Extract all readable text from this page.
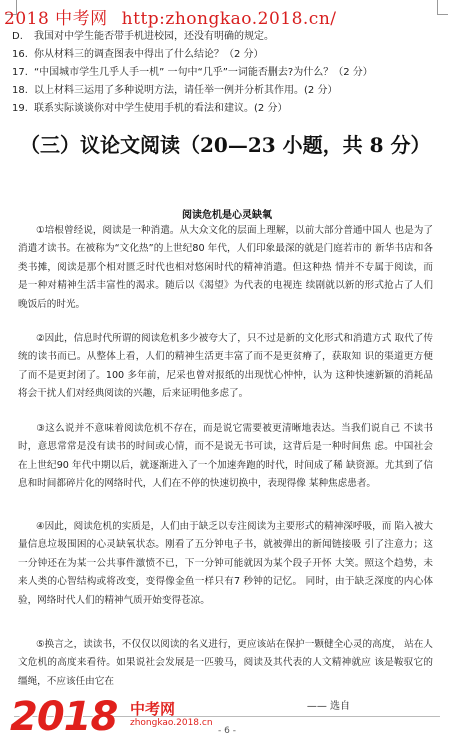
2018 中考网 http:zhongkao.2018.cn/
D. 我国对中学生能否带手机进校园，还没有明确的规定。
16. 你从材料三的调查图表中得出了什么结论？（2 分）
17. “中国城市学生几乎人手一机” 一句中“几乎”一词能否删去?为什么？（2 分）
18. 以上材料三运用了多种说明方法，请任举一例并分析其作用。(2 分）
19. 联系实际谈谈你对中学生使用手机的看法和建议。(2 分）
（三）议论文阅读（20—23 小题，共 8 分）
阅读危机是心灵缺氧
①培根曾经说，阅读是一种消遣。从大众文化的层面上理解，以前大部分普通中国人 也是为了消遣才读书。在被称为“文化热”的上世纪80 年代，人们印象最深的就是门庭若市的 新华书店和各类书摊，阅读是那个相对匮乏时代也相对悠闲时代的精神消遣。但这种热 情并不专属于阅读，而是一种对精神生活丰富性的渴求。随后以《渴望》为代表的电视连 续剧就以新的形式抢占了人们晚饭后的时光。
②因此，信息时代所谓的阅读危机多少被夸大了，只不过是新的文化形式和消遣方式 取代了传统的读书而已。从整体上看，人们的精神生活更丰富了而不是更贫瘠了，获取知 识的渠道更方便了而不是更封闭了。100 多年前，尼采也曾对报纸的出现忧心忡忡，认为 这种快速新颖的消耗品将会干扰人们对经典阅读的兴趣，后来证明他多虑了。
③这么说并不意味着阅读危机不存在，而是说它需要被更清晰地表达。当我们说自己 不读书时，意思常常是没有读书的时间或心情，而不是说无书可读，这背后是一种时间焦 虑。中国社会在上世纪90 年代中期以后，就逐渐进入了一个加速奔跑的时代，时间成了稀 缺资源。尤其到了信息和时间都碎片化的网络时代，人们在不停的快速切换中，表现得像 某种焦虑患者。
④因此，阅读危机的实质是，人们由于缺乏以专注阅读为主要形式的精神深呼吸，而 陷入被大量信息垃圾围困的心灵缺氧状态。刚看了五分钟电子书，就被弹出的新闻链接吸 引了注意力；这一分钟还在为某一公共事件激愤不已，下一分钟可能就因为某个段子开怀 大笑。照这个趋势，未来人类的心智结构或将改变，变得像金鱼一样只有7 秒钟的记忆。 同时，由于缺乏深度的内心体验，网络时代人们的精神气质开始变得苍凉。
⑤换言之，读读书，不仅仅以阅读的名义进行，更应该站在保护一颗健全心灵的高度， 站在人文危机的高度来看待。如果说社会发展是一匹骏马，阅读及其代表的人文精神就应 该是鞍驭它的缰绳，不应该任由它在
—— 选自
- 6 -
2018 中考网
zhongkao.2018.cn
